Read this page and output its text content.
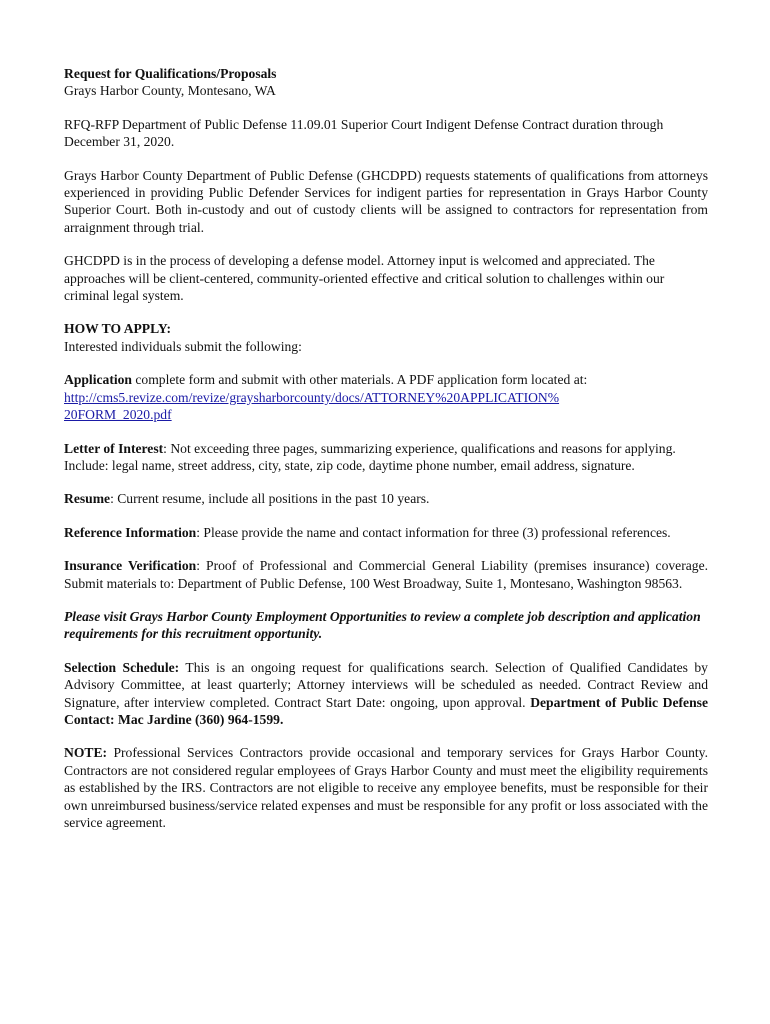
Request for Qualifications/Proposals

Grays Harbor County, Montesano, WA

RFQ-RFP Department of Public Defense 11.09.01 Superior Court Indigent Defense Contract duration through December 31, 2020.

Grays Harbor County Department of Public Defense (GHCDPD) requests statements of qualifications from attorneys experienced in providing Public Defender Services for indigent parties for representation in Grays Harbor County Superior Court. Both in-custody and out of custody clients will be assigned to contractors for representation from arraignment through trial.

GHCDPD is in the process of developing a defense model. Attorney input is welcomed and appreciated. The approaches will be client-centered, community-oriented effective and critical solution to challenges within our criminal legal system.

HOW TO APPLY:

Interested individuals submit the following:

Application complete form and submit with other materials. A PDF application form located at:
http://cms5.revize.com/revize/graysharborcounty/docs/ATTORNEY%20APPLICATION%
20FORM_2020.pdf

Letter of Interest: Not exceeding three pages, summarizing experience, qualifications and reasons for applying. Include: legal name, street address, city, state, zip code, daytime phone number, email address, signature.

Resume: Current resume, include all positions in the past 10 years.

Reference Information: Please provide the name and contact information for three (3) professional references.

Insurance Verification: Proof of Professional and Commercial General Liability (premises insurance) coverage. Submit materials to: Department of Public Defense, 100 West Broadway, Suite 1, Montesano, Washington 98563.

Please visit Grays Harbor County Employment Opportunities to review a complete job description and application requirements for this recruitment opportunity.

Selection Schedule: This is an ongoing request for qualifications search. Selection of Qualified Candidates by Advisory Committee, at least quarterly; Attorney interviews will be scheduled as needed. Contract Review and Signature, after interview completed. Contract Start Date: ongoing, upon approval. Department of Public Defense Contact: Mac Jardine (360) 964-1599.

NOTE: Professional Services Contractors provide occasional and temporary services for Grays Harbor County. Contractors are not considered regular employees of Grays Harbor County and must meet the eligibility requirements as established by the IRS. Contractors are not eligible to receive any employee benefits, must be responsible for their own unreimbursed business/service related expenses and must be responsible for any profit or loss associated with the service agreement.
